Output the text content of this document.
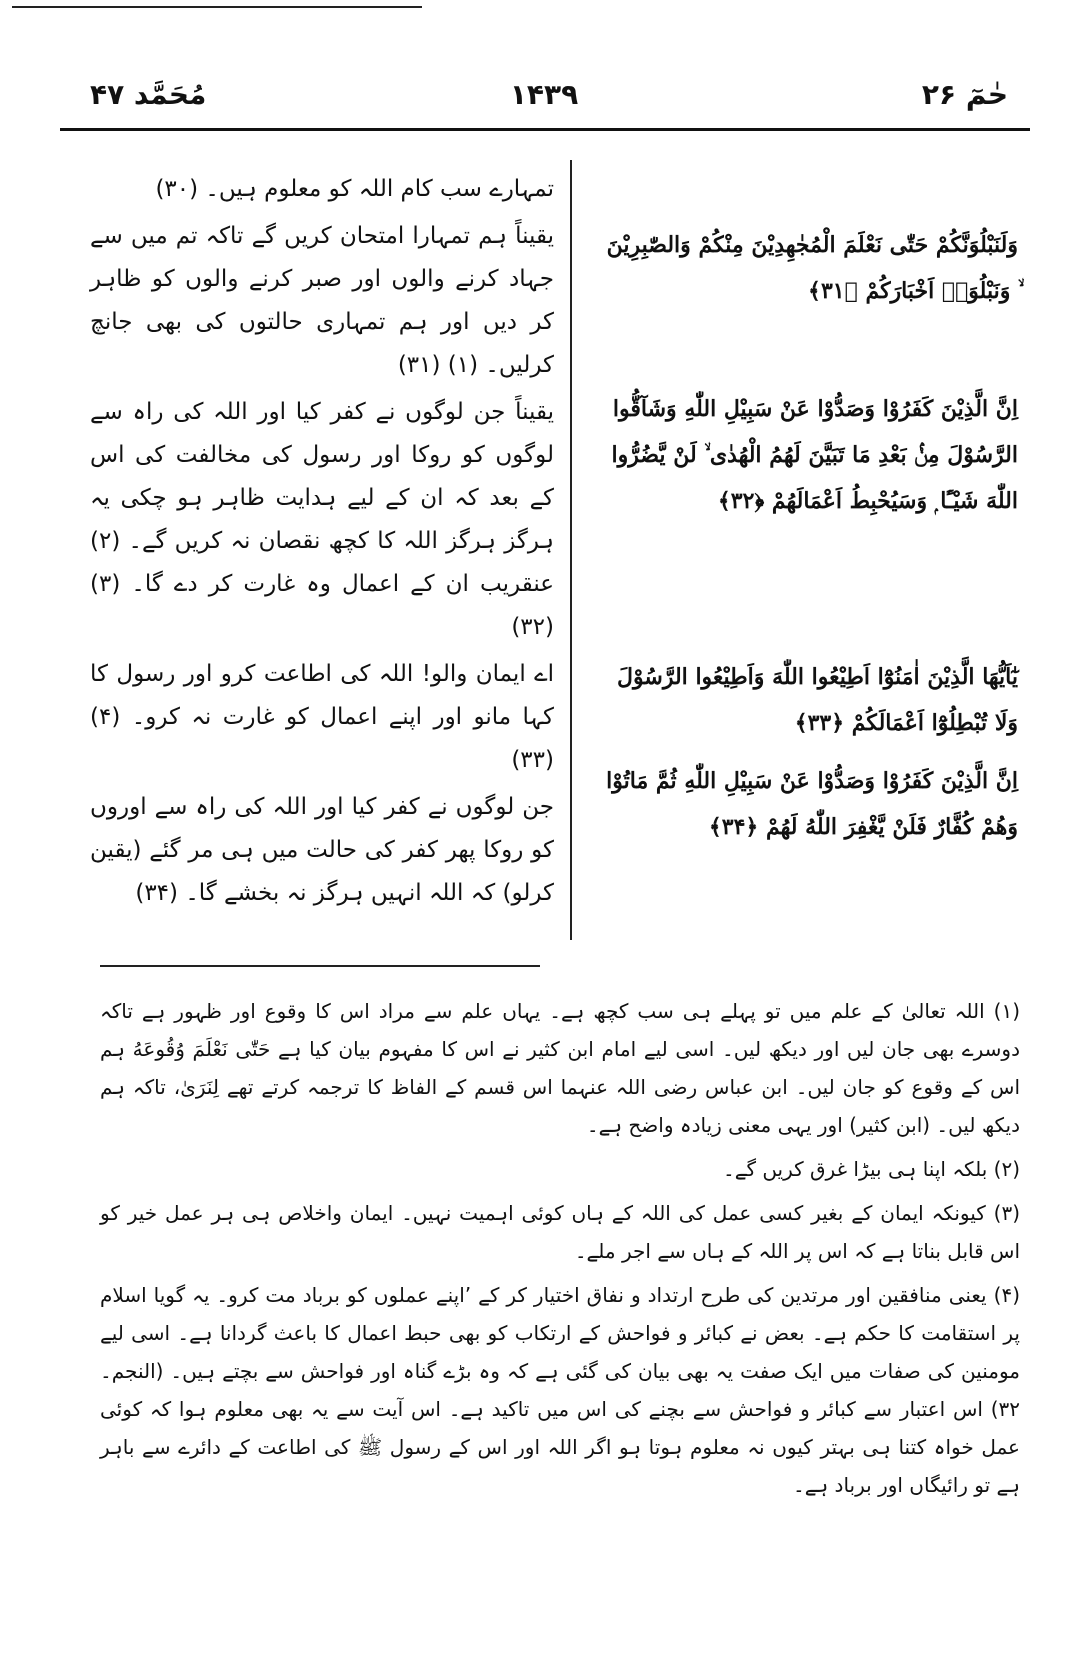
مُحَمَّد ۴۷	۱۴۳۹	حٰمٓ ۲۶

تمہارے سب کام اللہ کو معلوم ہیں۔ (۳۰)

یقیناً ہم تمہارا امتحان کریں گے تاکہ تم میں سے جہاد کرنے والوں اور صبر کرنے والوں کو ظاہر کر دیں اور ہم تمہاری حالتوں کی بھی جانچ کرلیں۔ (۱) (۳۱)

یقیناً جن لوگوں نے کفر کیا اور اللہ کی راہ سے لوگوں کو روکا اور رسول کی مخالفت کی اس کے بعد کہ ان کے لیے ہدایت ظاہر ہو چکی یہ ہرگز ہرگز اللہ کا کچھ نقصان نہ کریں گے۔ (۲) عنقریب ان کے اعمال وہ غارت کر دے گا۔ (۳) (۳۲)

اے ایمان والو! اللہ کی اطاعت کرو اور رسول کا کہا مانو اور اپنے اعمال کو غارت نہ کرو۔ (۴) (۳۳)

جن لوگوں نے کفر کیا اور اللہ کی راہ سے اوروں کو روکا پھر کفر کی حالت میں ہی مر گئے (یقین کرلو) کہ اللہ انہیں ہرگز نہ بخشے گا۔ (۳۴)

وَلَنَبْلُوَنَّكُمْ حَتّٰى نَعْلَمَ الْمُجٰهِدِيْنَ مِنْكُمْ وَالصّٰبِرِيْنَ ۙ وَنَبْلُوَا۟ اَخْبَارَكُمْ ﴿۳۱﴾
اِنَّ الَّذِيْنَ كَفَرُوْا وَصَدُّوْا عَنْ سَبِيْلِ اللّٰهِ وَشَآقُّوا الرَّسُوْلَ مِنْۢ بَعْدِ مَا تَبَيَّنَ لَهُمُ الْهُدٰى ۙ لَنْ يَّضُرُّوا اللّٰهَ شَيْـًٔا ۭ وَسَيُحْبِطُ اَعْمَالَهُمْ ﴿۳۲﴾
يٰٓاَيُّهَا الَّذِيْنَ اٰمَنُوْٓا اَطِيْعُوا اللّٰهَ وَاَطِيْعُوا الرَّسُوْلَ وَلَا تُبْطِلُوْٓا اَعْمَالَكُمْ ﴿۳۳﴾
اِنَّ الَّذِيْنَ كَفَرُوْا وَصَدُّوْا عَنْ سَبِيْلِ اللّٰهِ ثُمَّ مَاتُوْا وَهُمْ كُفَّارٌ فَلَنْ يَّغْفِرَ اللّٰهُ لَهُمْ ﴿۳۴﴾

(۱) اللہ تعالیٰ کے علم میں تو پہلے ہی سب کچھ ہے۔ یہاں علم سے مراد اس کا وقوع اور ظہور ہے تاکہ دوسرے بھی جان لیں اور دیکھ لیں۔ اسی لیے امام ابن کثیر نے اس کا مفہوم بیان کیا ہے حَتّٰى نَعْلَمَ وُقُوعَهُ ہم اس کے وقوع کو جان لیں۔ ابن عباس رضی اللہ عنہما اس قسم کے الفاظ کا ترجمہ کرتے تھے لِنَرَىٰ، تاکہ ہم دیکھ لیں۔ (ابن کثیر) اور یہی معنی زیادہ واضح ہے۔

(۲) بلکہ اپنا ہی بیڑا غرق کریں گے۔

(۳) کیونکہ ایمان کے بغیر کسی عمل کی اللہ کے ہاں کوئی اہمیت نہیں۔ ایمان واخلاص ہی ہر عمل خیر کو اس قابل بناتا ہے کہ اس پر اللہ کے ہاں سے اجر ملے۔

(۴) یعنی منافقین اور مرتدین کی طرح ارتداد و نفاق اختیار کر کے ’اپنے عملوں کو برباد مت کرو۔ یہ گویا اسلام پر استقامت کا حکم ہے۔ بعض نے کبائر و فواحش کے ارتکاب کو بھی حبط اعمال کا باعث گردانا ہے۔ اسی لیے مومنین کی صفات میں ایک صفت یہ بھی بیان کی گئی ہے کہ وہ بڑے گناہ اور فواحش سے بچتے ہیں۔ (النجم۔۳۲) اس اعتبار سے کبائر و فواحش سے بچنے کی اس میں تاکید ہے۔ اس آیت سے یہ بھی معلوم ہوا کہ کوئی عمل خواہ کتنا ہی بہتر کیوں نہ معلوم ہوتا ہو اگر اللہ اور اس کے رسول ﷺ کی اطاعت کے دائرے سے باہر ہے تو رائیگاں اور برباد ہے۔
